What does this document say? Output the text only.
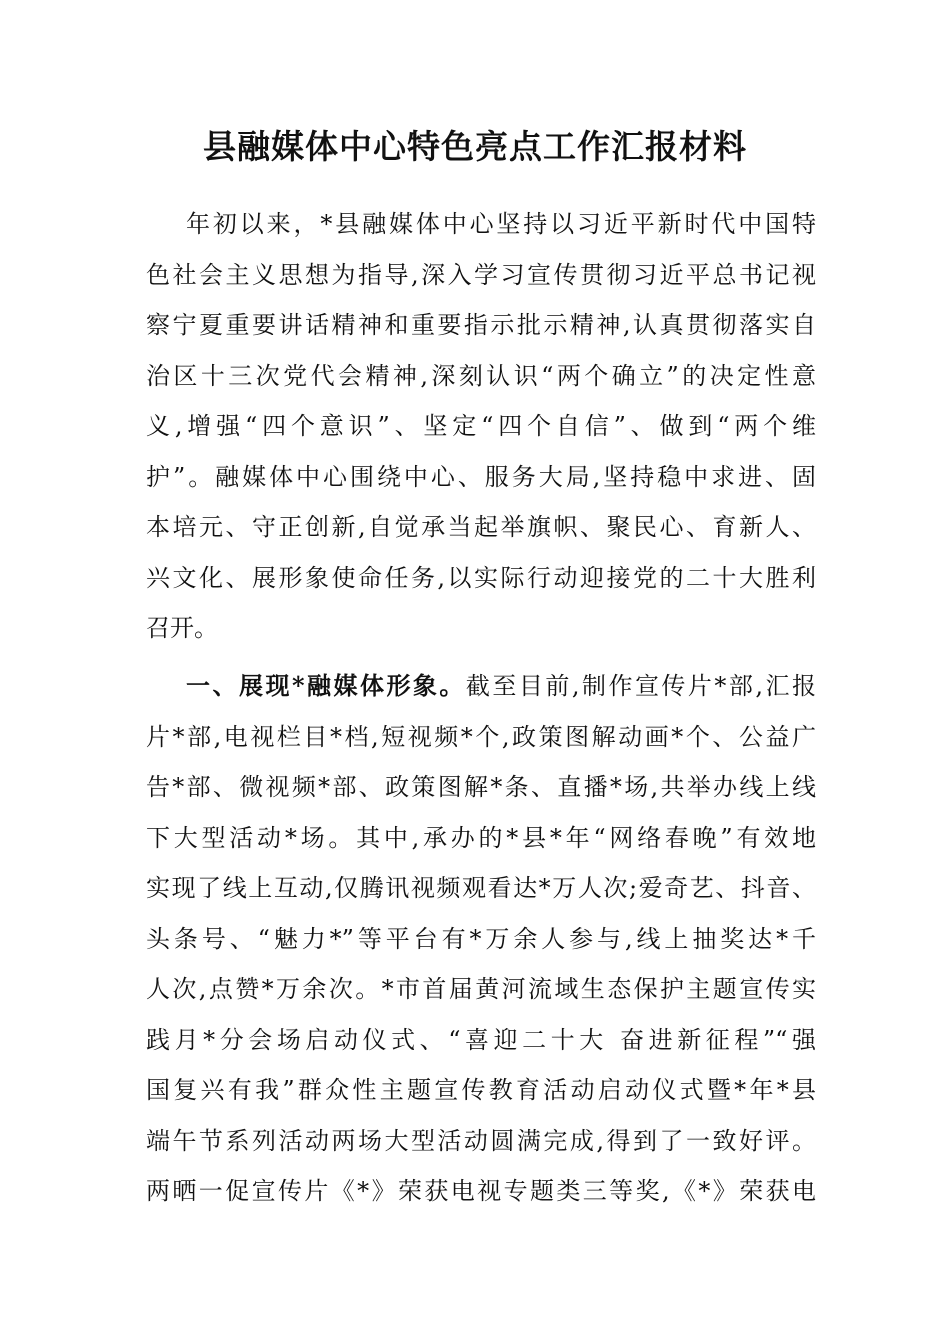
县融媒体中心特色亮点工作汇报材料
年初以来，*县融媒体中心坚持以习近平新时代中国特
色社会主义思想为指导,深入学习宣传贯彻习近平总书记视
察宁夏重要讲话精神和重要指示批示精神,认真贯彻落实自
治区十三次党代会精神,深刻认识“两个确立”的决定性意
义,增强“四个意识”、坚定“四个自信”、做到“两个维
护”。融媒体中心围绕中心、服务大局,坚持稳中求进、固
本培元、守正创新,自觉承当起举旗帜、聚民心、育新人、
兴文化、展形象使命任务,以实际行动迎接党的二十大胜利
召开。
一、展现*融媒体形象。截至目前,制作宣传片*部,汇报
片*部,电视栏目*档,短视频*个,政策图解动画*个、公益广
告*部、微视频*部、政策图解*条、直播*场,共举办线上线
下大型活动*场。其中,承办的*县*年“网络春晚”有效地
实现了线上互动,仅腾讯视频观看达*万人次;爱奇艺、抖音、
头条号、“魅力*”等平台有*万余人参与,线上抽奖达*千
人次,点赞*万余次。*市首届黄河流域生态保护主题宣传实
践月*分会场启动仪式、“喜迎二十大 奋进新征程”“强
国复兴有我”群众性主题宣传教育活动启动仪式暨*年*县
端午节系列活动两场大型活动圆满完成,得到了一致好评。
两晒一促宣传片《*》荣获电视专题类三等奖,《*》荣获电
